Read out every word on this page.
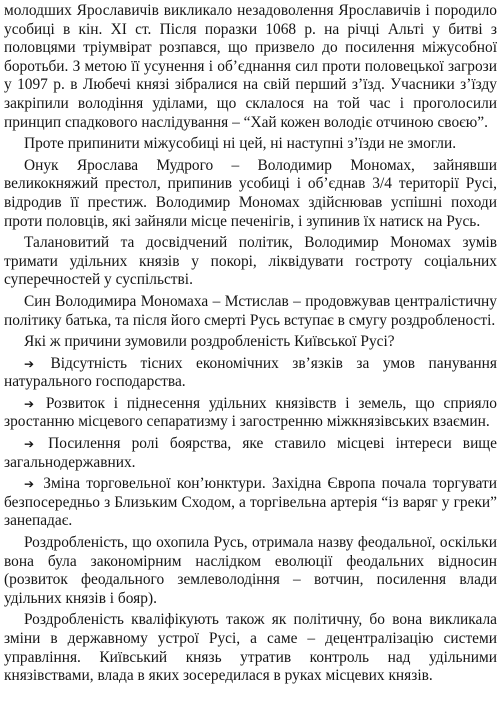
молодших Ярославичів викликало незадоволення Ярославичів і породило усобиці в кін. XI ст. Після поразки 1068 р. на річці Альті у битві з половцями тріумвірат розпався, що призвело до посилення міжусобної боротьби. З метою її усунення і об’єднання сил проти половецької загрози у 1097 р. в Любечі князі зібралися на свій перший з’їзд. Учасники з’їзду закріпили володіння уділами, що склалося на той час і проголосили принцип спадкового наслідування – “Хай кожен володіє отчиною своєю”.

Проте припинити міжусобиці ні цей, ні наступні з’їзди не змогли.

Онук Ярослава Мудрого – Володимир Мономах, зайнявши великокняжий престол, припинив усобиці і об’єднав 3/4 території Русі, відродив її престиж. Володимир Мономах здійснював успішні походи проти половців, які зайняли місце печенігів, і зупинив їх натиск на Русь.

Талановитий та досвідчений політик, Володимир Мономах зумів тримати удільних князів у покорі, ліквідувати гостроту соціальних суперечностей у суспільстві.

Син Володимира Мономаха – Мстислав – продовжував централістичну політику батька, та після його смерті Русь вступає в смугу роздробленості.

Які ж причини зумовили роздробленість Київської Русі?

➔ Відсутність тісних економічних зв’язків за умов панування натурального господарства.

➔ Розвиток і піднесення удільних князівств і земель, що сприяло зростанню місцевого сепаратизму і загостренню міжкнязівських взаємин.

➔ Посилення ролі боярства, яке ставило місцеві інтереси вище загальнодержавних.

➔ Зміна торговельної кон’юнктури. Західна Європа почала торгувати безпосередньо з Близьким Сходом, а торгівельна артерія “із варяг у греки” занепадає.

Роздробленість, що охопила Русь, отримала назву феодальної, оскільки вона була закономірним наслідком еволюції феодальних відносин (розвиток феодального землеволодіння – вотчин, посилення влади удільних князів і бояр).

Роздробленість кваліфікують також як політичну, бо вона викликала зміни в державному устрої Русі, а саме – децентралізацію системи управління. Київський князь утратив контроль над удільними князівствами, влада в яких зосередилася в руках місцевих князів.
